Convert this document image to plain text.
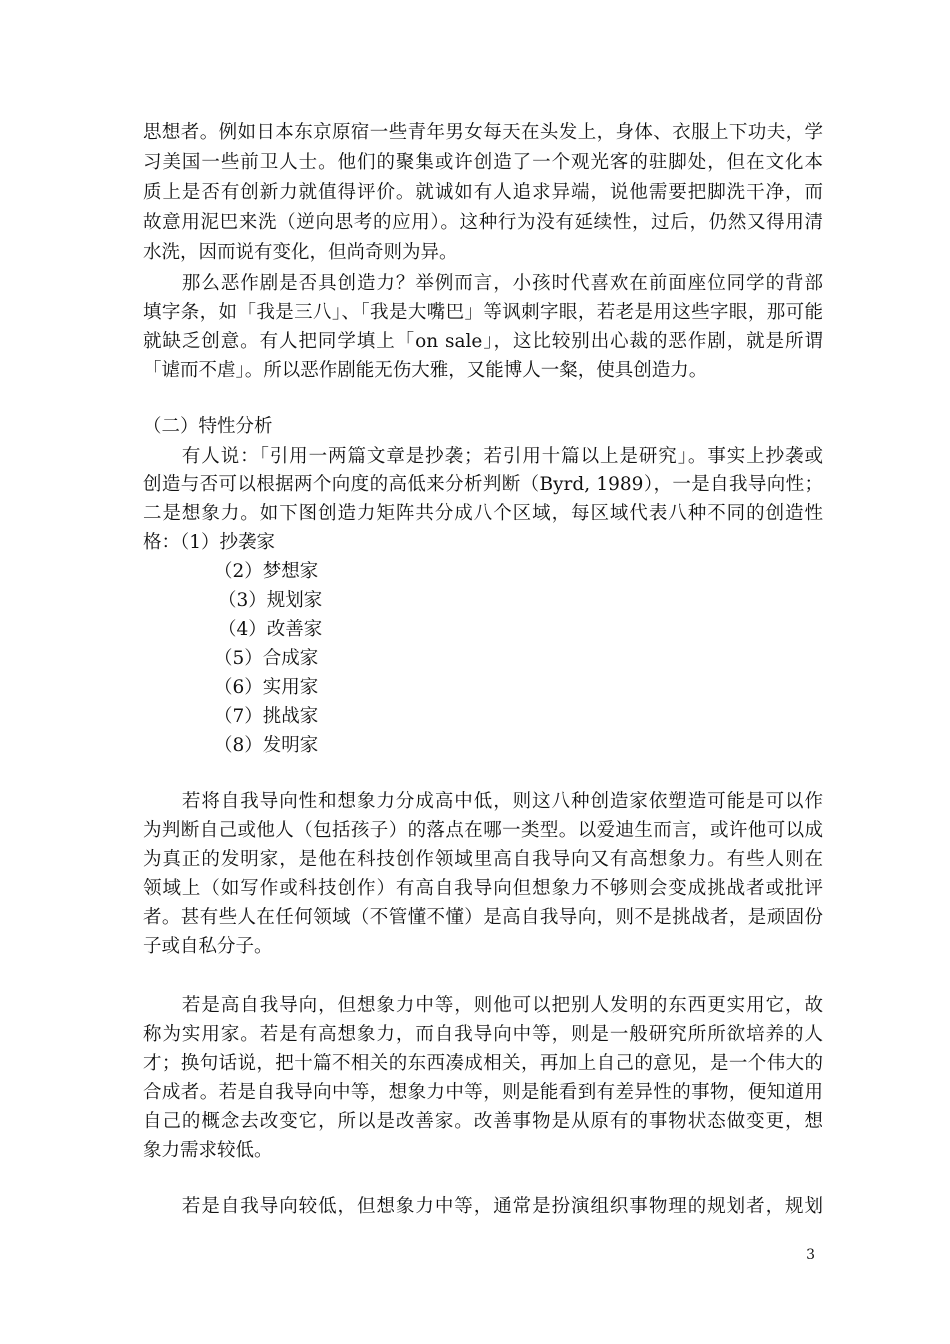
思想者。例如日本东京原宿一些青年男女每天在头发上，身体、衣服上下功夫，学
习美国一些前卫人士。他们的聚集或许创造了一个观光客的驻脚处，但在文化本
质上是否有创新力就值得评价。就诚如有人追求异端，说他需要把脚洗干净，而
故意用泥巴来洗（逆向思考的应用）。这种行为没有延续性，过后，仍然又得用清
水洗，因而说有变化，但尚奇则为异。
　　那么恶作剧是否具创造力？举例而言，小孩时代喜欢在前面座位同学的背部
填字条，如「我是三八」、「我是大嘴巴」等讽刺字眼，若老是用这些字眼，那可能
就缺乏创意。有人把同学填上「on sale」，这比较别出心裁的恶作剧，就是所谓
「谑而不虐」。所以恶作剧能无伤大雅，又能博人一粲，使具创造力。
（二）特性分析
　　有人说：「引用一两篇文章是抄袭；若引用十篇以上是研究」。事实上抄袭或
创造与否可以根据两个向度的高低来分析判断（Byrd, 1989），一是自我导向性；
二是想象力。如下图创造力矩阵共分成八个区域，每区域代表八种不同的创造性
格：（1）抄袭家
（2）梦想家
（3）规划家
（4）改善家
（5）合成家
（6）实用家
（7）挑战家
（8）发明家
　　若将自我导向性和想象力分成高中低，则这八种创造家依塑造可能是可以作
为判断自己或他人（包括孩子）的落点在哪一类型。以爱迪生而言，或许他可以成
为真正的发明家，是他在科技创作领域里高自我导向又有高想象力。有些人则在
领域上（如写作或科技创作）有高自我导向但想象力不够则会变成挑战者或批评
者。甚有些人在任何领域（不管懂不懂）是高自我导向，则不是挑战者，是顽固份
子或自私分子。
　　若是高自我导向，但想象力中等，则他可以把别人发明的东西更实用它，故
称为实用家。若是有高想象力，而自我导向中等，则是一般研究所所欲培养的人
才；换句话说，把十篇不相关的东西凑成相关，再加上自己的意见，是一个伟大的
合成者。若是自我导向中等，想象力中等，则是能看到有差异性的事物，便知道用
自己的概念去改变它，所以是改善家。改善事物是从原有的事物状态做变更，想
象力需求较低。
　　若是自我导向较低，但想象力中等，通常是扮演组织事物理的规划者，规划
3
